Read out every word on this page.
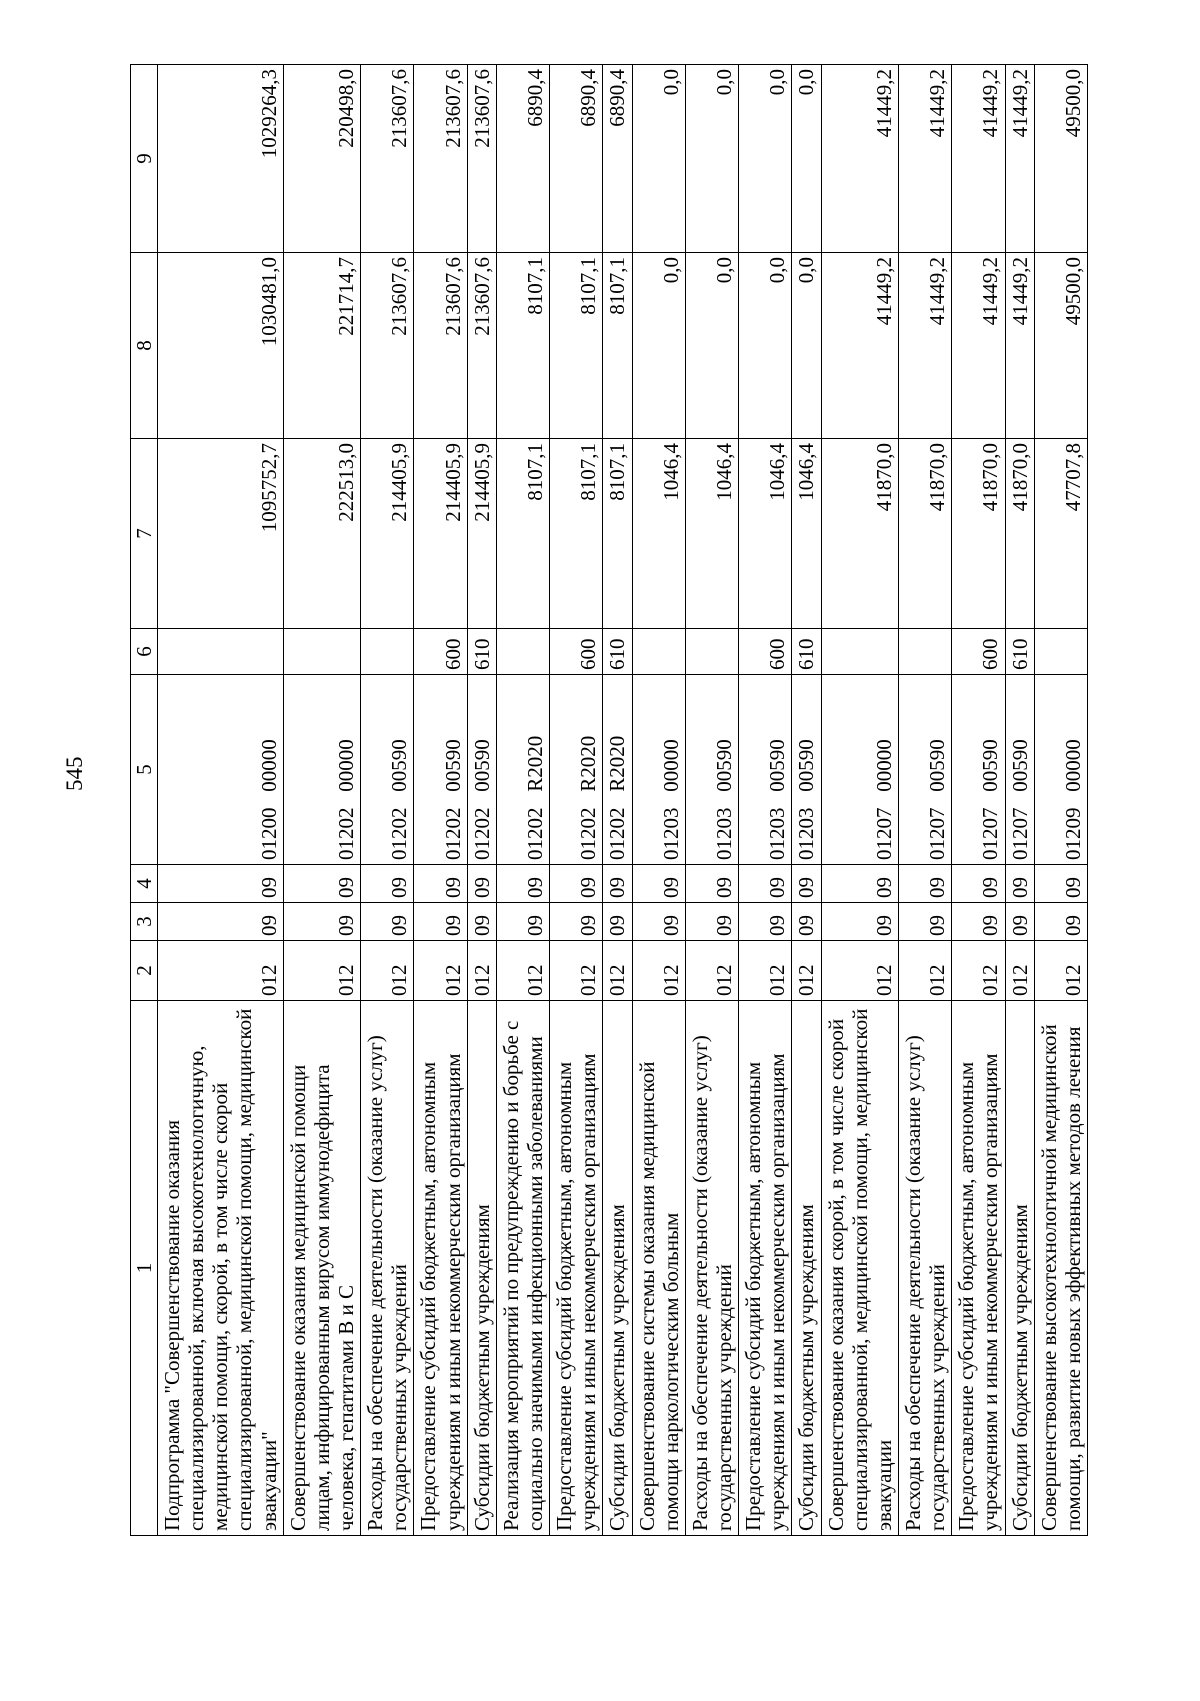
545
1	2	3	4	5	6	7	8	9
Подпрограмма "Совершенствование оказания специализированной, включая высокотехнологичную, медицинской помощи, скорой, в том числе скорой специализированной, медицинской помощи, медицинской эвакуации"	012	09	09	01200   00000		1095752,7	1030481,0	1029264,3
Совершенствование оказания медицинской помощи лицам, инфицированным вирусом иммунодефицита человека, гепатитами В и С	012	09	09	01202   00000		222513,0	221714,7	220498,0
Расходы на обеспечение деятельности (оказание услуг) государственных учреждений	012	09	09	01202   00590		214405,9	213607,6	213607,6
Предоставление субсидий бюджетным, автономным учреждениям и иным некоммерческим организациям	012	09	09	01202   00590	600	214405,9	213607,6	213607,6
Субсидии бюджетным учреждениям	012	09	09	01202   00590	610	214405,9	213607,6	213607,6
Реализация мероприятий по предупреждению и борьбе с социально значимыми инфекционными заболеваниями	012	09	09	01202   R2020		8107,1	8107,1	6890,4
Предоставление субсидий бюджетным, автономным учреждениям и иным некоммерческим организациям	012	09	09	01202   R2020	600	8107,1	8107,1	6890,4
Субсидии бюджетным учреждениям	012	09	09	01202   R2020	610	8107,1	8107,1	6890,4
Совершенствование системы оказания медицинской помощи наркологическим больным	012	09	09	01203   00000		1046,4	0,0	0,0
Расходы на обеспечение деятельности (оказание услуг) государственных учреждений	012	09	09	01203   00590		1046,4	0,0	0,0
Предоставление субсидий бюджетным, автономным учреждениям и иным некоммерческим организациям	012	09	09	01203   00590	600	1046,4	0,0	0,0
Субсидии бюджетным учреждениям	012	09	09	01203   00590	610	1046,4	0,0	0,0
Совершенствование оказания скорой, в том числе скорой специализированной, медицинской помощи, медицинской эвакуации	012	09	09	01207   00000		41870,0	41449,2	41449,2
Расходы на обеспечение деятельности (оказание услуг) государственных учреждений	012	09	09	01207   00590		41870,0	41449,2	41449,2
Предоставление субсидий бюджетным, автономным учреждениям и иным некоммерческим организациям	012	09	09	01207   00590	600	41870,0	41449,2	41449,2
Субсидии бюджетным учреждениям	012	09	09	01207   00590	610	41870,0	41449,2	41449,2
Совершенствование высокотехнологичной медицинской помощи, развитие новых эффективных методов лечения	012	09	09	01209   00000		47707,8	49500,0	49500,0
